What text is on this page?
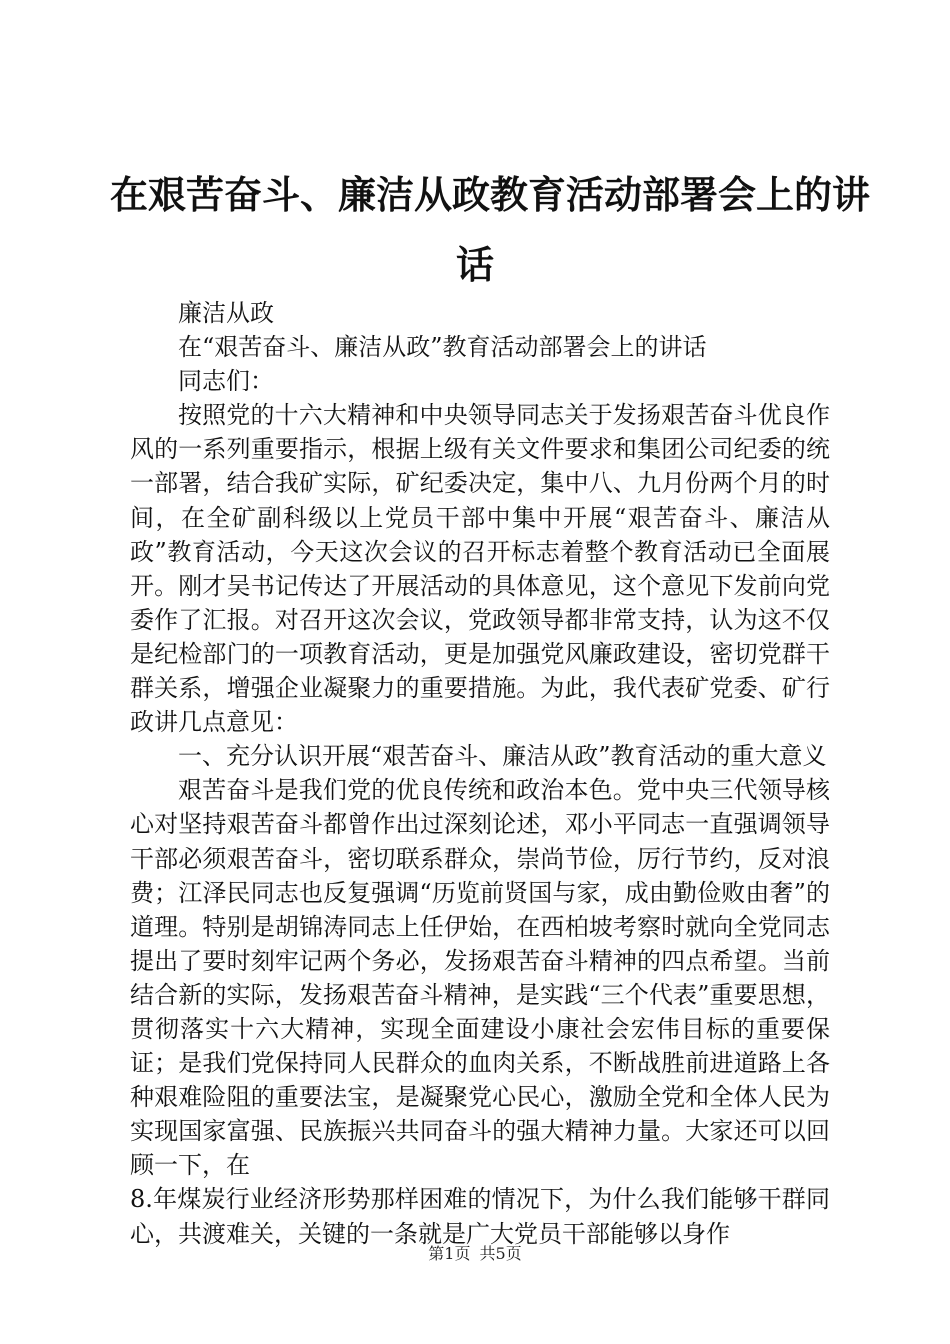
在艰苦奋斗、廉洁从政教育活动部署会上的讲
话

廉洁从政

在“艰苦奋斗、廉洁从政”教育活动部署会上的讲话

同志们：

按照党的十六大精神和中央领导同志关于发扬艰苦奋斗优良作风的一系列重要指示，根据上级有关文件要求和集团公司纪委的统一部署，结合我矿实际，矿纪委决定，集中八、九月份两个月的时间，在全矿副科级以上党员干部中集中开展“艰苦奋斗、廉洁从政”教育活动，今天这次会议的召开标志着整个教育活动已全面展开。刚才吴书记传达了开展活动的具体意见，这个意见下发前向党委作了汇报。对召开这次会议，党政领导都非常支持，认为这不仅是纪检部门的一项教育活动，更是加强党风廉政建设，密切党群干群关系，增强企业凝聚力的重要措施。为此，我代表矿党委、矿行政讲几点意见：

一、充分认识开展“艰苦奋斗、廉洁从政”教育活动的重大意义

艰苦奋斗是我们党的优良传统和政治本色。党中央三代领导核心对坚持艰苦奋斗都曾作出过深刻论述，邓小平同志一直强调领导干部必须艰苦奋斗，密切联系群众，崇尚节俭，厉行节约，反对浪费；江泽民同志也反复强调“历览前贤国与家，成由勤俭败由奢”的道理。特别是胡锦涛同志上任伊始，在西柏坡考察时就向全党同志提出了要时刻牢记两个务必，发扬艰苦奋斗精神的四点希望。当前结合新的实际，发扬艰苦奋斗精神，是实践“三个代表”重要思想，贯彻落实十六大精神，实现全面建设小康社会宏伟目标的重要保证；是我们党保持同人民群众的血肉关系，不断战胜前进道路上各种艰难险阻的重要法宝，是凝聚党心民心，激励全党和全体人民为实现国家富强、民族振兴共同奋斗的强大精神力量。大家还可以回顾一下，在

8.年煤炭行业经济形势那样困难的情况下，为什么我们能够干群同心，共渡难关，关键的一条就是广大党员干部能够以身作

第1页 共5页
